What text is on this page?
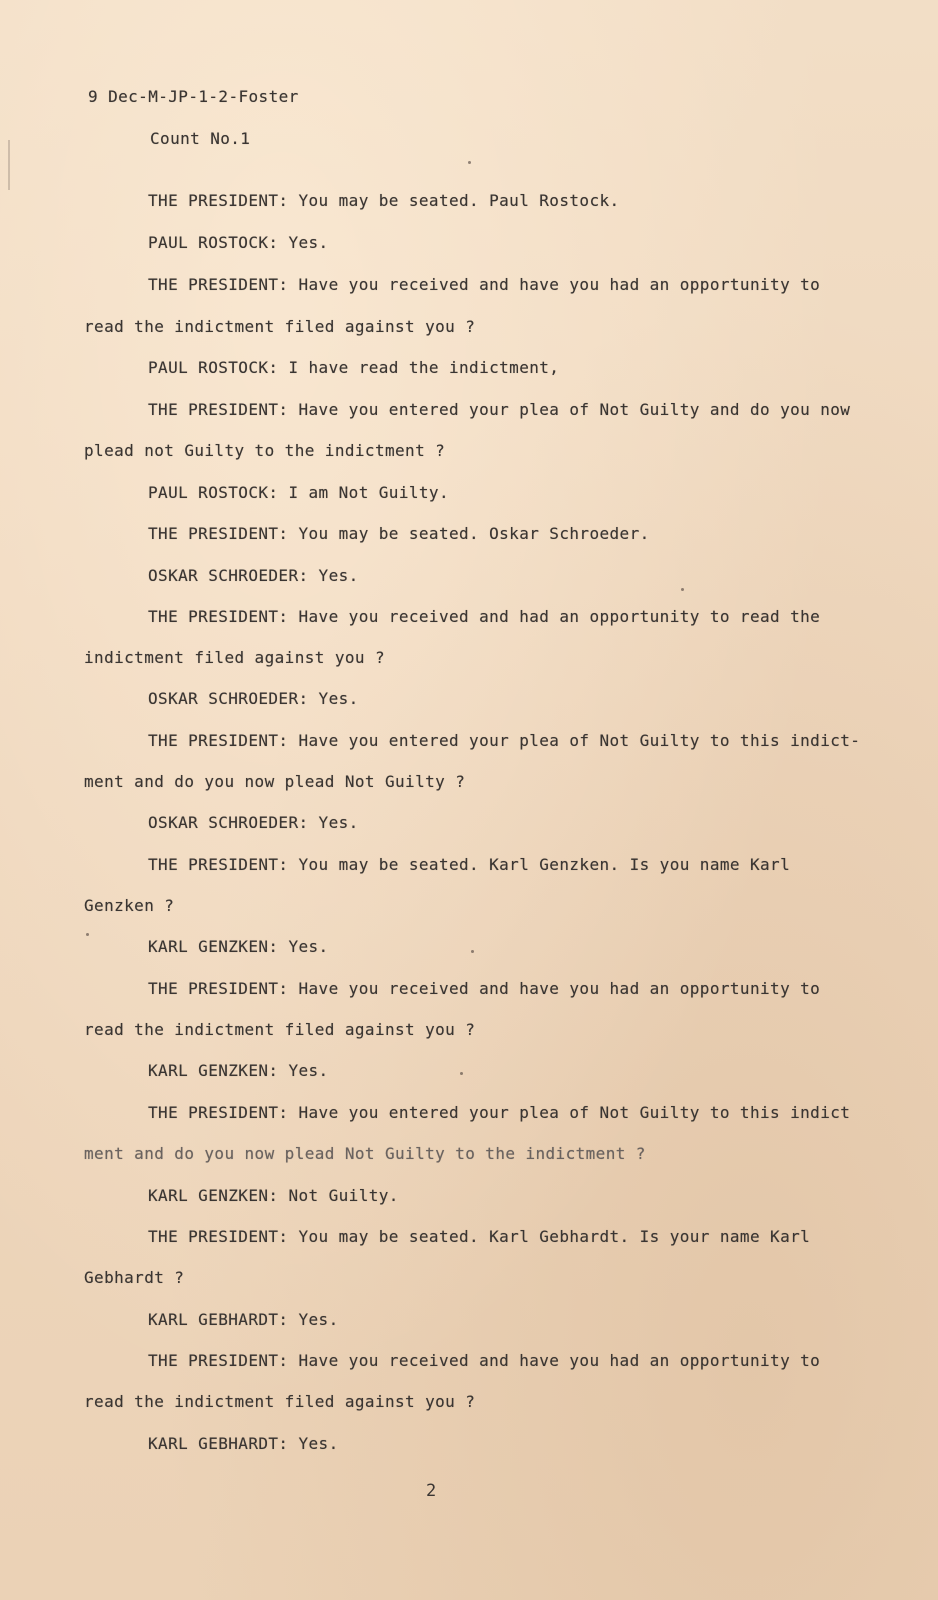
9 Dec-M-JP-1-2-Foster
Count No.1
THE PRESIDENT: You may be seated. Paul Rostock.
PAUL ROSTOCK: Yes.
THE PRESIDENT: Have you received and have you had an opportunity to
read the indictment filed against you ?
PAUL ROSTOCK: I have read the indictment,
THE PRESIDENT: Have you entered your plea of Not Guilty and do you now
plead not Guilty to the indictment ?
PAUL ROSTOCK: I am Not Guilty.
THE PRESIDENT: You may be seated. Oskar Schroeder.
OSKAR SCHROEDER: Yes.
THE PRESIDENT: Have you received and had an opportunity to read the
indictment filed against you ?
OSKAR SCHROEDER: Yes.
THE PRESIDENT: Have you entered your plea of Not Guilty to this indict-
ment and do you now plead Not Guilty ?
OSKAR SCHROEDER: Yes.
THE PRESIDENT: You may be seated. Karl Genzken. Is you name Karl
Genzken ?
KARL GENZKEN: Yes.
THE PRESIDENT: Have you received and have you had an opportunity to
read the indictment filed against you ?
KARL GENZKEN: Yes.
THE PRESIDENT: Have you entered your plea of Not Guilty to this indict
ment and do you now plead Not Guilty to the indictment ?
KARL GENZKEN: Not Guilty.
THE PRESIDENT: You may be seated. Karl Gebhardt. Is your name Karl
Gebhardt ?
KARL GEBHARDT: Yes.
THE PRESIDENT: Have you received and have you had an opportunity to
read the indictment filed against you ?
KARL GEBHARDT: Yes.
2
